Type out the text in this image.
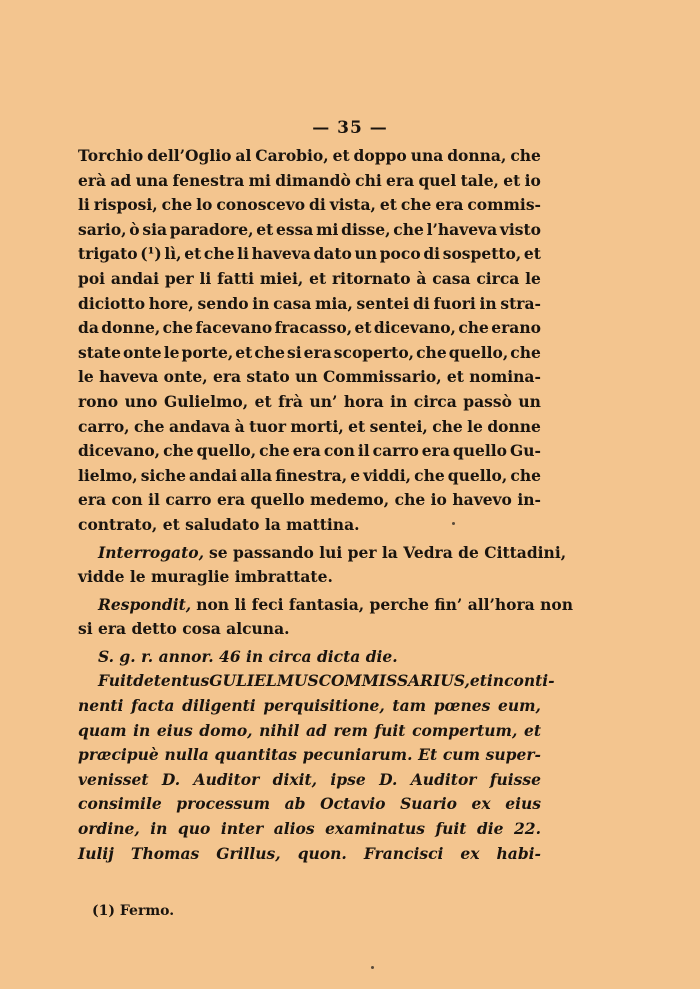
— 35 —
Torchio dell’Oglio al Carobio, et doppo una donna, che
erà ad una fenestra mi dimandò chi era quel tale, et io
li risposi, che lo conoscevo di vista, et che era commis-
sario, ò sia paradore, et essa mi disse, che l’haveva visto
trigato (¹) lì, et che li haveva dato un poco di sospetto, et
poi andai per li fatti miei, et ritornato à casa circa le
diciotto hore, sendo in casa mia, sentei di fuori in stra-
da donne, che facevano fracasso, et dicevano, che erano
state onte le porte, et che si era scoperto, che quello, che
le haveva onte, era stato un Commissario, et nomina-
rono uno Gulielmo, et frà un’ hora in circa passò un
carro, che andava à tuor morti, et sentei, che le donne
dicevano, che quello, che era con il carro era quello Gu-
lielmo, siche andai alla finestra, e viddi, che quello, che
era con il carro era quello medemo, che io havevo in-
contrato, et saludato la mattina.
Interrogato, se passando lui per la Vedra de Cittadini,
vidde le muraglie imbrattate.
Respondit, non li feci fantasia, perche fin’ all’hora non
si era detto cosa alcuna.
S. g. r. annor. 46 in circa dicta die.
Fuit detentus GULIELMUS COMMISSARIUS, et inconti-
nenti facta diligenti perquisitione, tam pœnes eum,
quam in eius domo, nihil ad rem fuit compertum, et
præcipuè nulla quantitas pecuniarum. Et cum super-
venisset D. Auditor dixit, ipse D. Auditor fuisse
consimile processum ab Octavio Suario ex eius
ordine, in quo inter alios examinatus fuit die 22.
Iulij Thomas Grillus, quon. Francisci ex habi-
(1) Fermo.
